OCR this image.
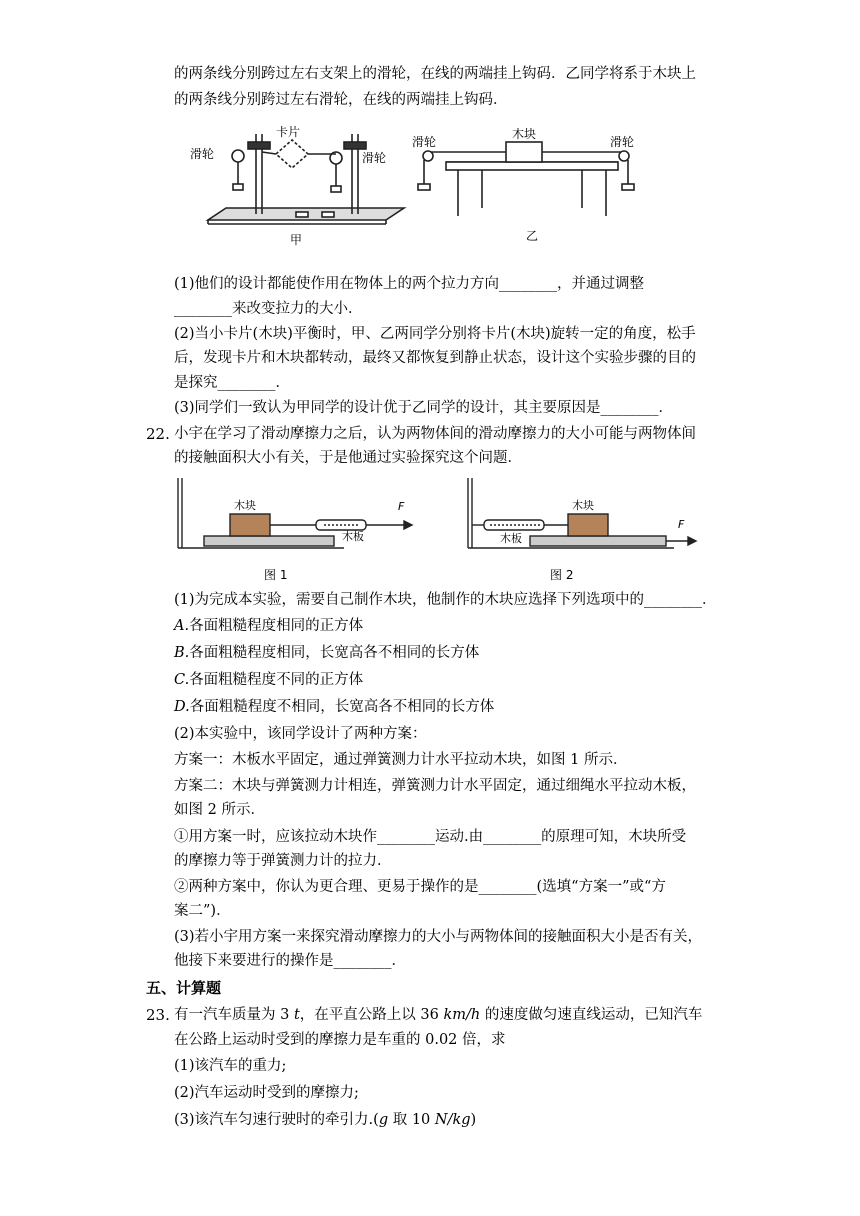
的两条线分别跨过左右支架上的滑轮，在线的两端挂上钩码．乙同学将系于木块上
的两条线分别跨过左右滑轮，在线的两端挂上钩码．
滑轮
卡片
滑轮
甲
木块
滑轮	滑轮
乙
(1)他们的设计都能使作用在物体上的两个拉力方向________，并通过调整
________来改变拉力的大小．
(2)当小卡片(木块)平衡时，甲、乙两同学分别将卡片(木块)旋转一定的角度，松手
后，发现卡片和木块都转动，最终又都恢复到静止状态，设计这个实验步骤的目的
是探究________．
(3)同学们一致认为甲同学的设计优于乙同学的设计，其主要原因是________．
22. 小宇在学习了滑动摩擦力之后，认为两物体间的滑动摩擦力的大小可能与两物体间
的接触面积大小有关，于是他通过实验探究这个问题．
木块
木板
F
图 1
木块
木板
F
图 2
(1)为完成本实验，需要自己制作木块，他制作的木块应选择下列选项中的________．
A.各面粗糙程度相同的正方体
B.各面粗糙程度相同，长宽高各不相同的长方体
C.各面粗糙程度不同的正方体
D.各面粗糙程度不相同，长宽高各不相同的长方体
(2)本实验中，该同学设计了两种方案：
方案一：木板水平固定，通过弹簧测力计水平拉动木块，如图 1 所示．
方案二：木块与弹簧测力计相连，弹簧测力计水平固定，通过细绳水平拉动木板，
如图 2 所示．
①用方案一时，应该拉动木块作________运动.由________的原理可知，木块所受
的摩擦力等于弹簧测力计的拉力．
②两种方案中，你认为更合理、更易于操作的是________(选填“方案一”或“方
案二”)．
(3)若小宇用方案一来探究滑动摩擦力的大小与两物体间的接触面积大小是否有关，
他接下来要进行的操作是________．
五、计算题
23. 有一汽车质量为 3 t，在平直公路上以 36 km/h 的速度做匀速直线运动，已知汽车
在公路上运动时受到的摩擦力是车重的 0.02 倍，求
(1)该汽车的重力;
(2)汽车运动时受到的摩擦力;
(3)该汽车匀速行驶时的牵引力.(g 取 10 N/kg)
